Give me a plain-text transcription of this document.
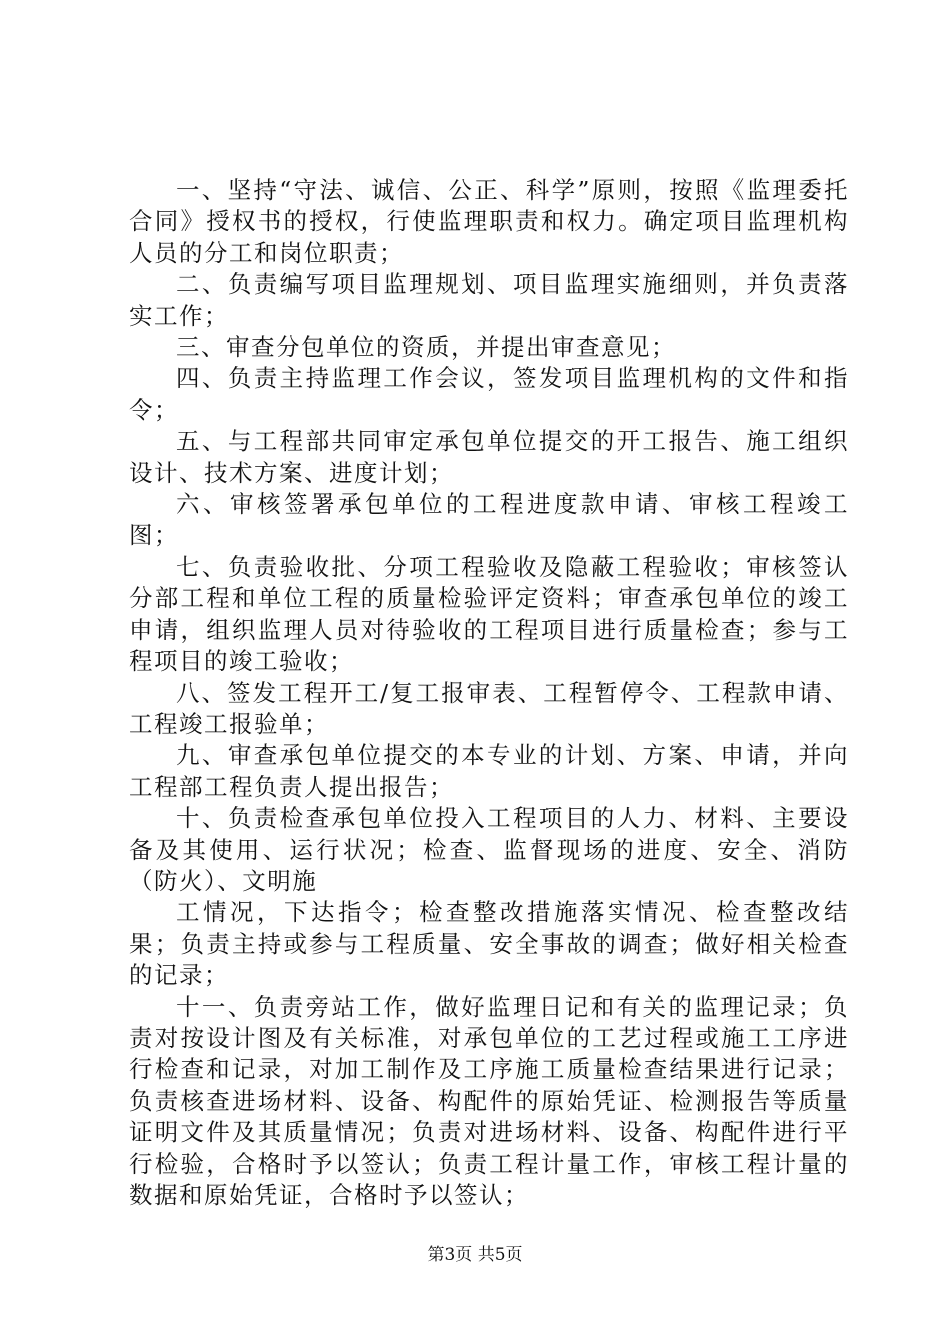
一、坚持“守法、诚信、公正、科学”原则，按照《监理委托合同》授权书的授权，行使监理职责和权力。确定项目监理机构人员的分工和岗位职责；

二、负责编写项目监理规划、项目监理实施细则，并负责落实工作；

三、审查分包单位的资质，并提出审查意见；

四、负责主持监理工作会议，签发项目监理机构的文件和指令；

五、与工程部共同审定承包单位提交的开工报告、施工组织设计、技术方案、进度计划；

六、审核签署承包单位的工程进度款申请、审核工程竣工图；

七、负责验收批、分项工程验收及隐蔽工程验收；审核签认分部工程和单位工程的质量检验评定资料；审查承包单位的竣工申请，组织监理人员对待验收的工程项目进行质量检查；参与工程项目的竣工验收；

八、签发工程开工/复工报审表、工程暂停令、工程款申请、工程竣工报验单；

九、审查承包单位提交的本专业的计划、方案、申请，并向工程部工程负责人提出报告；

十、负责检查承包单位投入工程项目的人力、材料、主要设备及其使用、运行状况；检查、监督现场的进度、安全、消防（防火）、文明施

工情况，下达指令；检查整改措施落实情况、检查整改结果；负责主持或参与工程质量、安全事故的调查；做好相关检查的记录；

十一、负责旁站工作，做好监理日记和有关的监理记录；负责对按设计图及有关标准，对承包单位的工艺过程或施工工序进行检查和记录，对加工制作及工序施工质量检查结果进行记录；负责核查进场材料、设备、构配件的原始凭证、检测报告等质量证明文件及其质量情况；负责对进场材料、设备、构配件进行平行检验，合格时予以签认；负责工程计量工作，审核工程计量的数据和原始凭证，合格时予以签认；

第3页 共5页
